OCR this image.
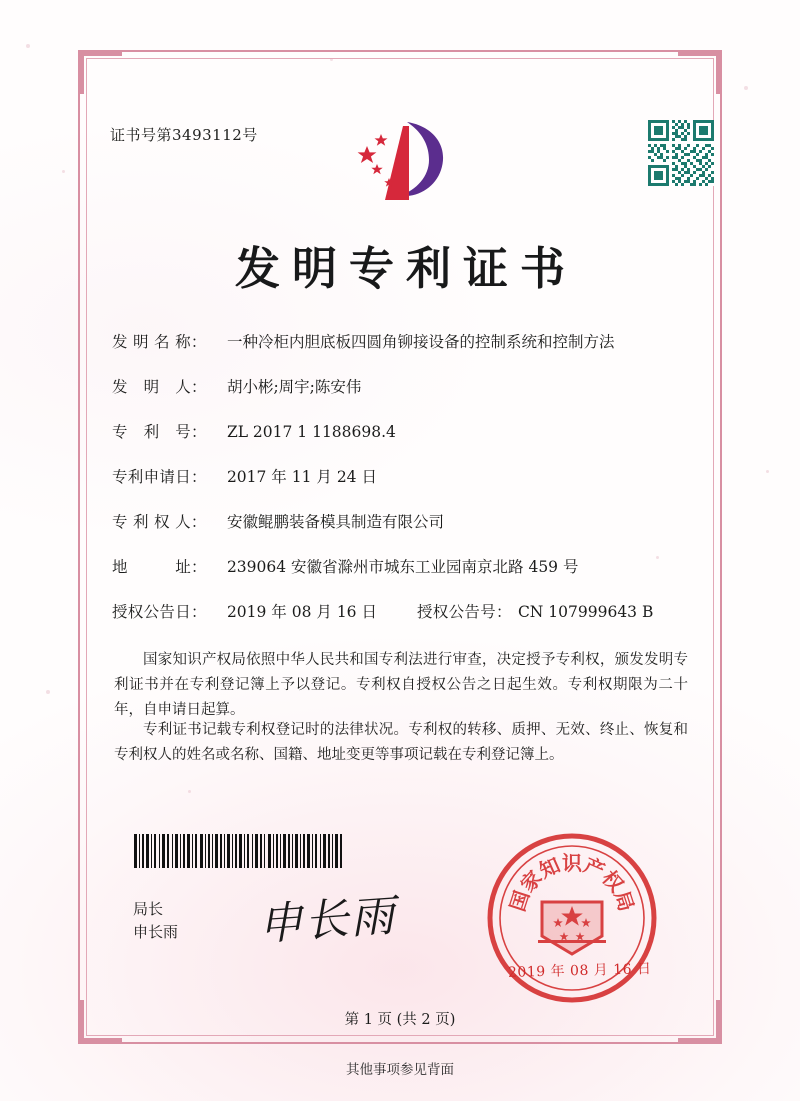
证书号第3493112号
发明专利证书
发 明 名 称： 一种冷柜内胆底板四圆角铆接设备的控制系统和控制方法
发　明　人： 胡小彬;周宇;陈安伟
专　利　号： ZL 2017 1 1188698.4
专利申请日： 2017 年 11 月 24 日
专 利 权 人： 安徽鲲鹏装备模具制造有限公司
地　　　址： 239064 安徽省滁州市城东工业园南京北路 459 号
授权公告日： 2019 年 08 月 16 日	授权公告号： CN 107999643 B
国家知识产权局依照中华人民共和国专利法进行审查，决定授予专利权，颁发发明专利证书并在专利登记簿上予以登记。专利权自授权公告之日起生效。专利权期限为二十年，自申请日起算。
专利证书记载专利权登记时的法律状况。专利权的转移、质押、无效、终止、恢复和专利权人的姓名或名称、国籍、地址变更等事项记载在专利登记簿上。
局长
申长雨 申长雨	国
家
知
识
产
权
局
2019 年 08 月 16 日
第 1 页 (共 2 页)
其他事项参见背面
